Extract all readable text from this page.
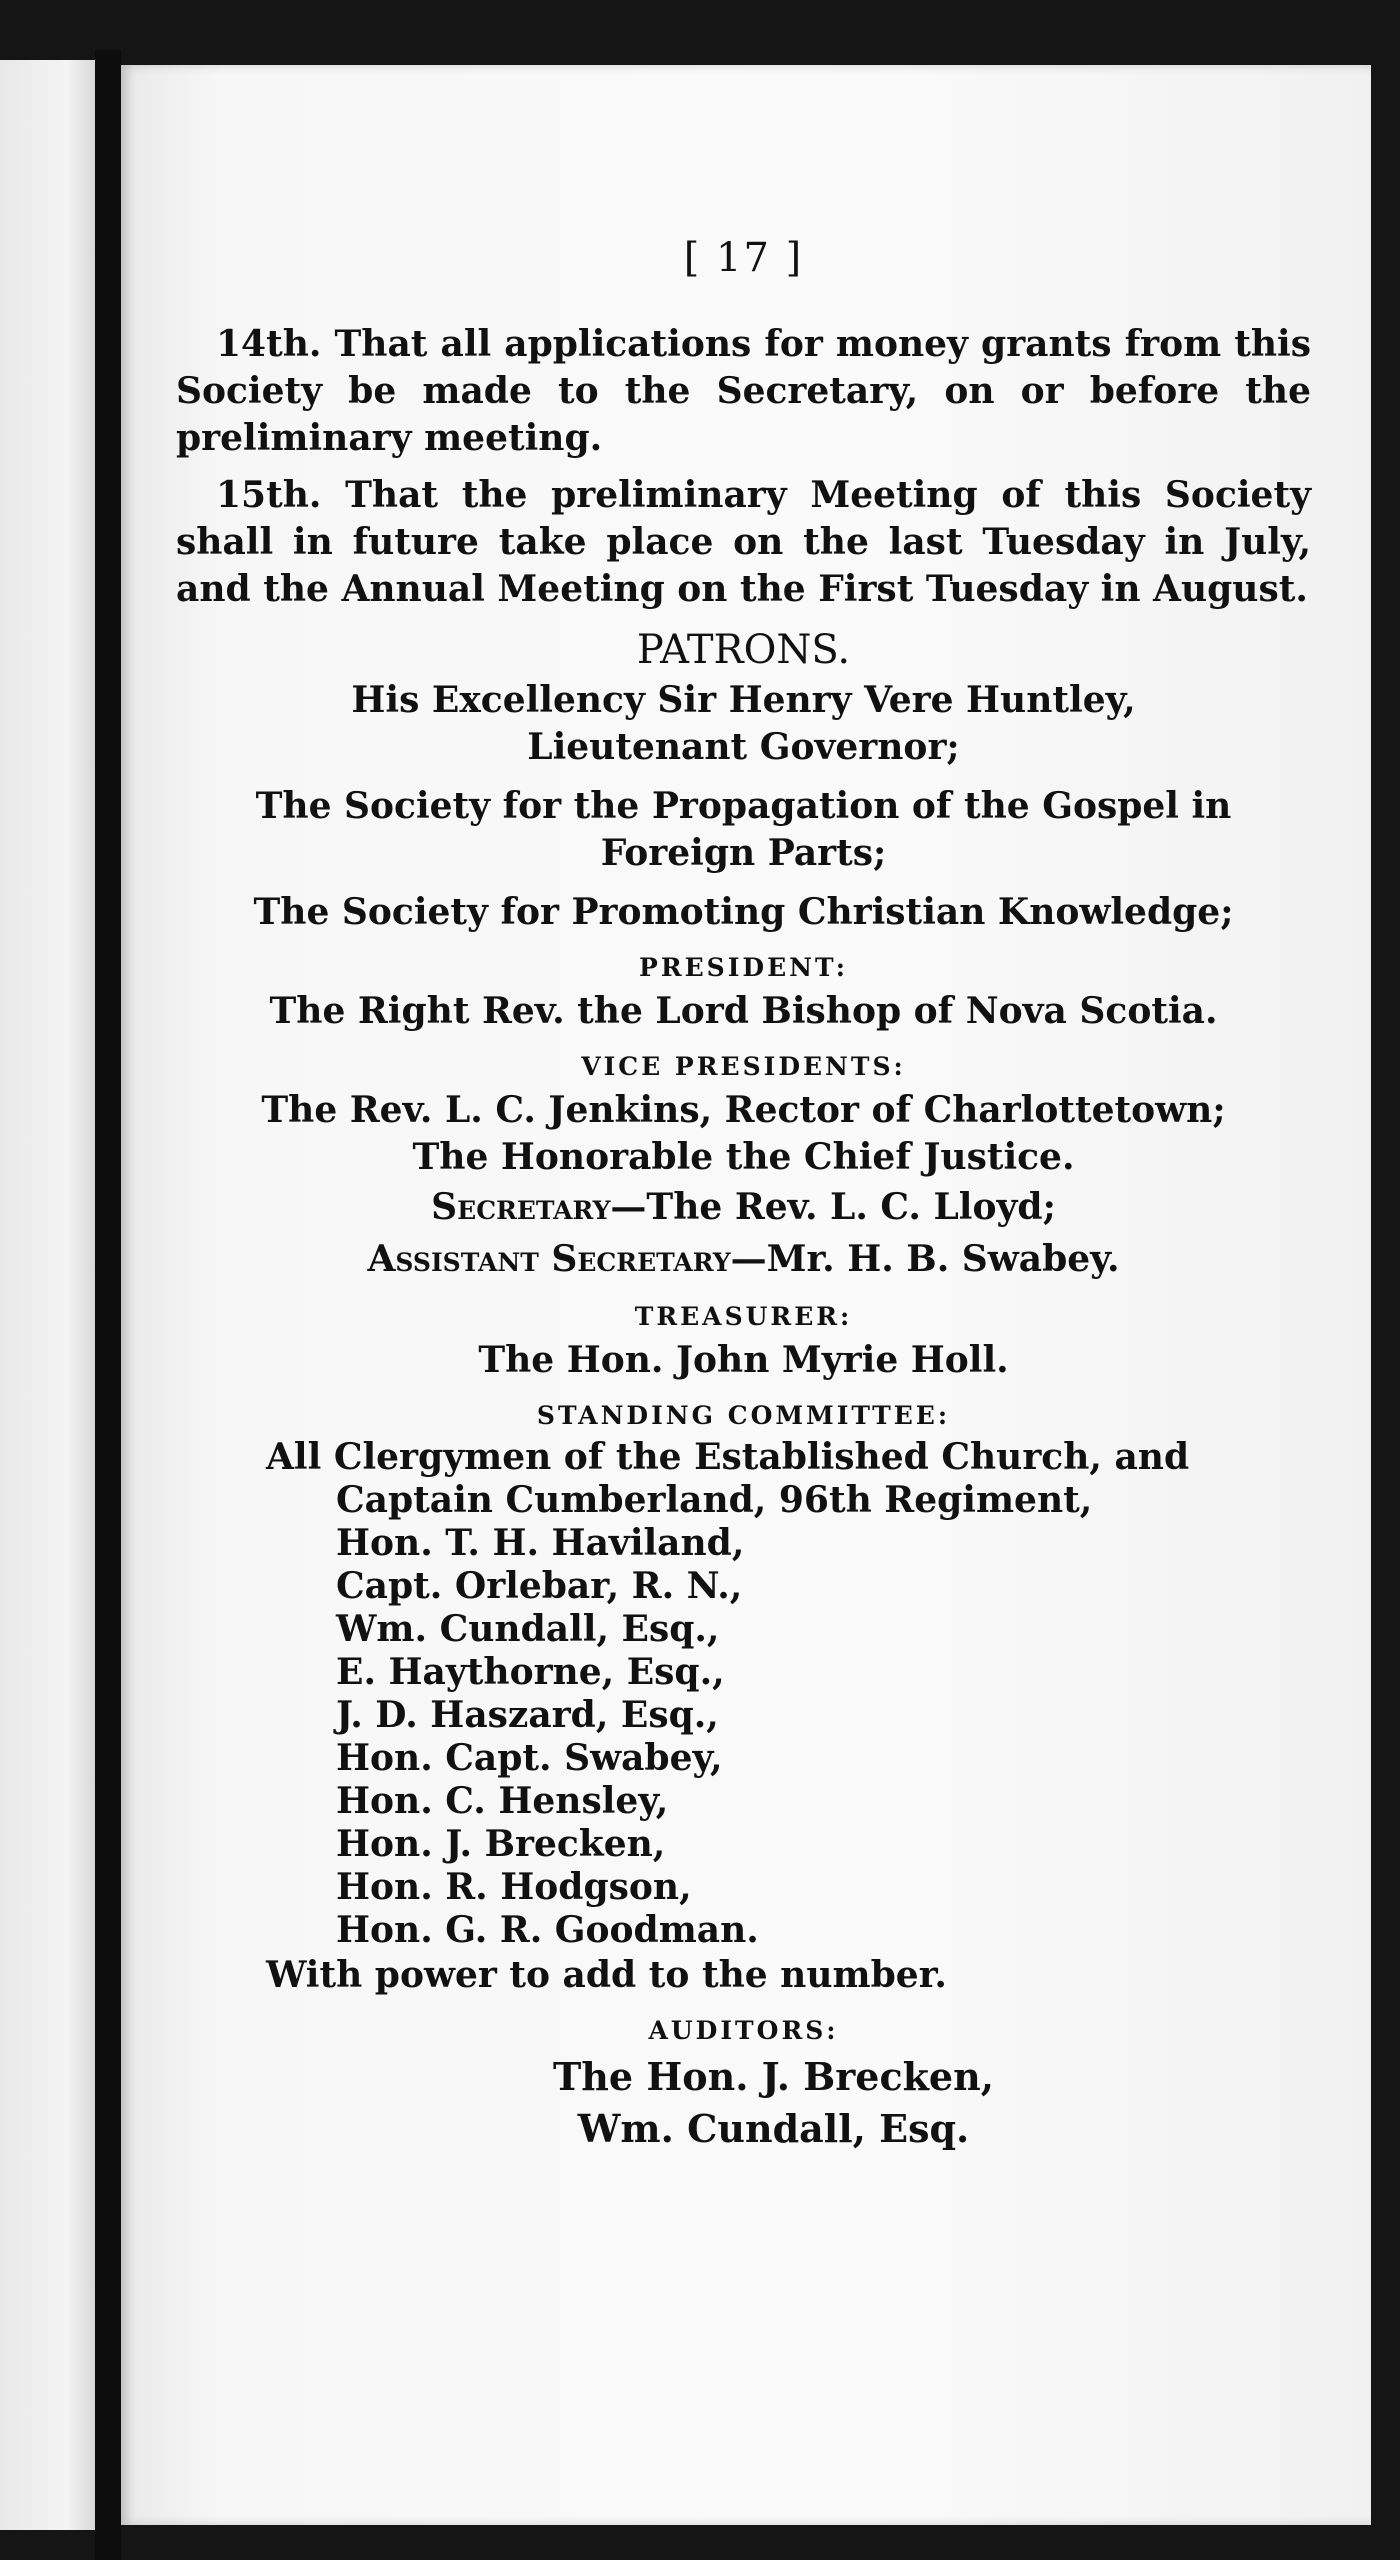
[ 17 ]

14th. That all applications for money grants from this Society be made to the Secretary, on or before the preliminary meeting.

15th. That the preliminary Meeting of this Society shall in future take place on the last Tuesday in July, and the Annual Meeting on the First Tuesday in August.

PATRONS.
His Excellency Sir Henry Vere Huntley,
Lieutenant Governor;
The Society for the Propagation of the Gospel in
Foreign Parts;
The Society for Promoting Christian Knowledge;
PRESIDENT:
The Right Rev. the Lord Bishop of Nova Scotia.
VICE PRESIDENTS:
The Rev. L. C. Jenkins, Rector of Charlottetown;
The Honorable the Chief Justice.
Secretary—The Rev. L. C. Lloyd;
Assistant Secretary—Mr. H. B. Swabey.
TREASURER:
The Hon. John Myrie Holl.
STANDING COMMITTEE:
All Clergymen of the Established Church, and
Captain Cumberland, 96th Regiment,
Hon. T. H. Haviland,
Capt. Orlebar, R. N.,
Wm. Cundall, Esq.,
E. Haythorne, Esq.,
J. D. Haszard, Esq.,
Hon. Capt. Swabey,
Hon. C. Hensley,
Hon. J. Brecken,
Hon. R. Hodgson,
Hon. G. R. Goodman.
With power to add to the number.
AUDITORS:
The Hon. J. Brecken,
Wm. Cundall, Esq.
